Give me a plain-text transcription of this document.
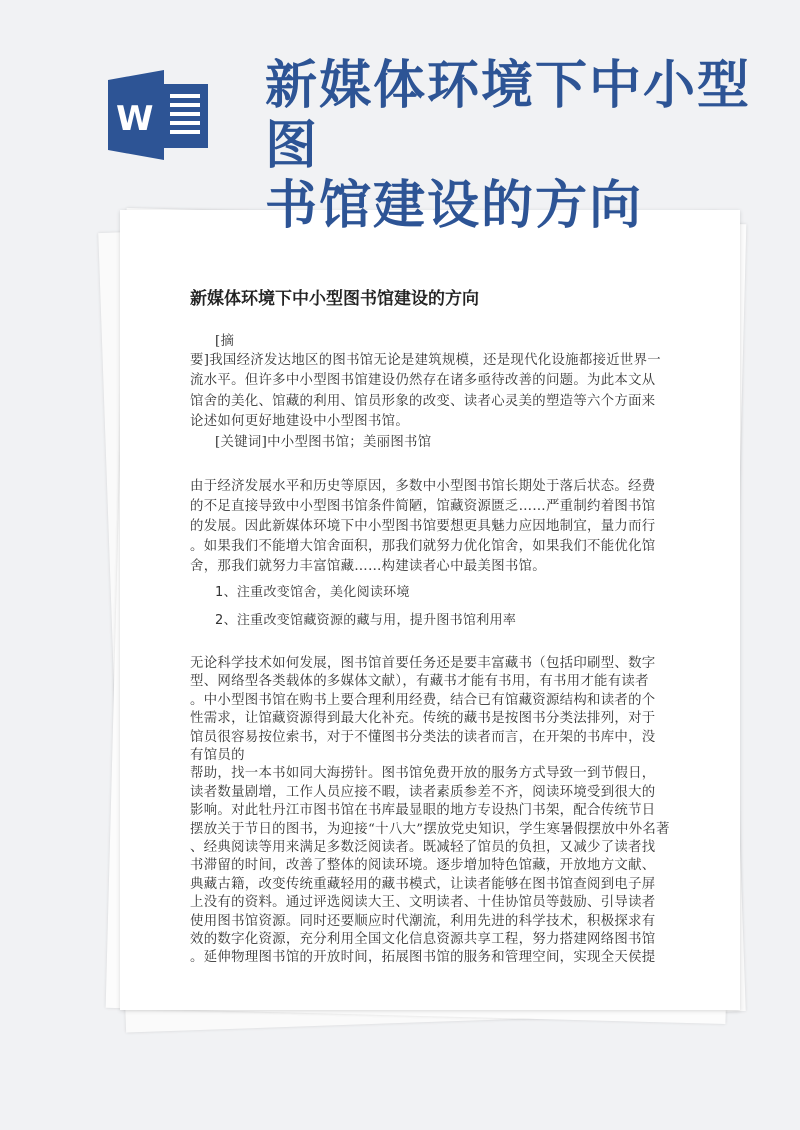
W
新媒体环境下中小型图
书馆建设的方向
新媒体环境下中小型图书馆建设的方向
[摘
要]我国经济发达地区的图书馆无论是建筑规模，还是现代化设施都接近世界一
流水平。但许多中小型图书馆建设仍然存在诸多亟待改善的问题。为此本文从
馆舍的美化、馆藏的利用、馆员形象的改变、读者心灵美的塑造等六个方面来
论述如何更好地建设中小型图书馆。
[关键词]中小型图书馆；美丽图书馆
由于经济发展水平和历史等原因，多数中小型图书馆长期处于落后状态。经费
的不足直接导致中小型图书馆条件简陋，馆藏资源匮乏……严重制约着图书馆
的发展。因此新媒体环境下中小型图书馆要想更具魅力应因地制宜，量力而行
。如果我们不能增大馆舍面积，那我们就努力优化馆舍，如果我们不能优化馆
舍，那我们就努力丰富馆藏……构建读者心中最美图书馆。
1、注重改变馆舍，美化阅读环境
2、注重改变馆藏资源的藏与用，提升图书馆利用率
无论科学技术如何发展，图书馆首要任务还是要丰富藏书（包括印刷型、数字
型、网络型各类载体的多媒体文献），有藏书才能有书用，有书用才能有读者
。中小型图书馆在购书上要合理利用经费，结合已有馆藏资源结构和读者的个
性需求，让馆藏资源得到最大化补充。传统的藏书是按图书分类法排列，对于
馆员很容易按位索书，对于不懂图书分类法的读者而言，在开架的书库中，没
有馆员的
帮助，找一本书如同大海捞针。图书馆免费开放的服务方式导致一到节假日，
读者数量剧增，工作人员应接不暇，读者素质参差不齐，阅读环境受到很大的
影响。对此牡丹江市图书馆在书库最显眼的地方专设热门书架，配合传统节日
摆放关于节日的图书，为迎接“十八大”摆放党史知识，学生寒暑假摆放中外名著
、经典阅读等用来满足多数泛阅读者。既减轻了馆员的负担，又减少了读者找
书滞留的时间，改善了整体的阅读环境。逐步增加特色馆藏，开放地方文献、
典藏古籍，改变传统重藏轻用的藏书模式，让读者能够在图书馆查阅到电子屏
上没有的资料。通过评选阅读大王、文明读者、十佳协馆员等鼓励、引导读者
使用图书馆资源。同时还要顺应时代潮流，利用先进的科学技术，积极探求有
效的数字化资源，充分利用全国文化信息资源共享工程，努力搭建网络图书馆
。延伸物理图书馆的开放时间，拓展图书馆的服务和管理空间，实现全天侯提
